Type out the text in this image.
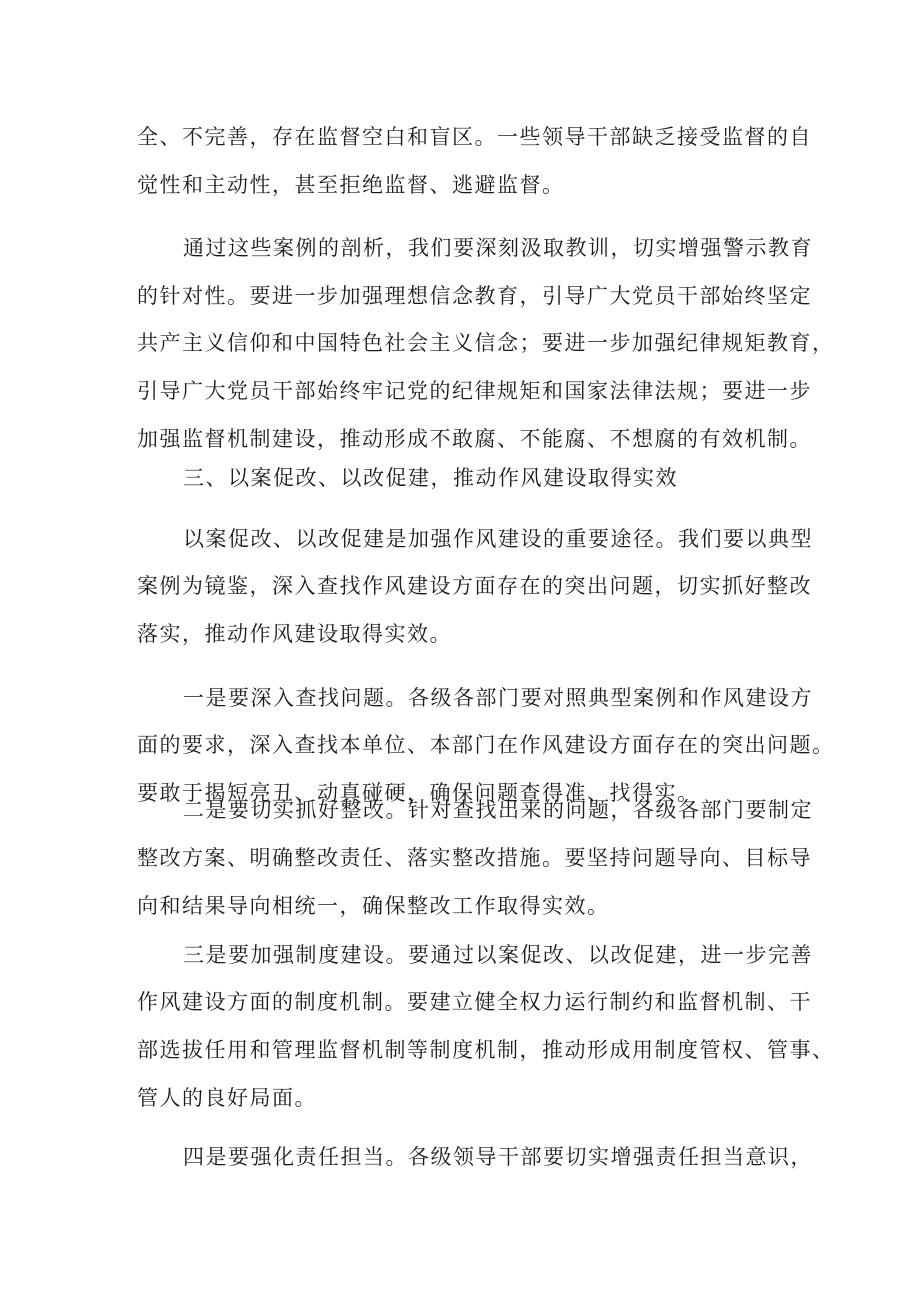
全、不完善，存在监督空白和盲区。一些领导干部缺乏接受监督的自
觉性和主动性，甚至拒绝监督、逃避监督。
通过这些案例的剖析，我们要深刻汲取教训，切实增强警示教育
的针对性。要进一步加强理想信念教育，引导广大党员干部始终坚定
共产主义信仰和中国特色社会主义信念；要进一步加强纪律规矩教育，
引导广大党员干部始终牢记党的纪律规矩和国家法律法规；要进一步
加强监督机制建设，推动形成不敢腐、不能腐、不想腐的有效机制。
三、以案促改、以改促建，推动作风建设取得实效
以案促改、以改促建是加强作风建设的重要途径。我们要以典型
案例为镜鉴，深入查找作风建设方面存在的突出问题，切实抓好整改
落实，推动作风建设取得实效。
一是要深入查找问题。各级各部门要对照典型案例和作风建设方
面的要求，深入查找本单位、本部门在作风建设方面存在的突出问题。
要敢于揭短亮丑、动真碰硬，确保问题查得准、找得实。
二是要切实抓好整改。针对查找出来的问题，各级各部门要制定
整改方案、明确整改责任、落实整改措施。要坚持问题导向、目标导
向和结果导向相统一，确保整改工作取得实效。
三是要加强制度建设。要通过以案促改、以改促建，进一步完善
作风建设方面的制度机制。要建立健全权力运行制约和监督机制、干
部选拔任用和管理监督机制等制度机制，推动形成用制度管权、管事、
管人的良好局面。
四是要强化责任担当。各级领导干部要切实增强责任担当意识，
